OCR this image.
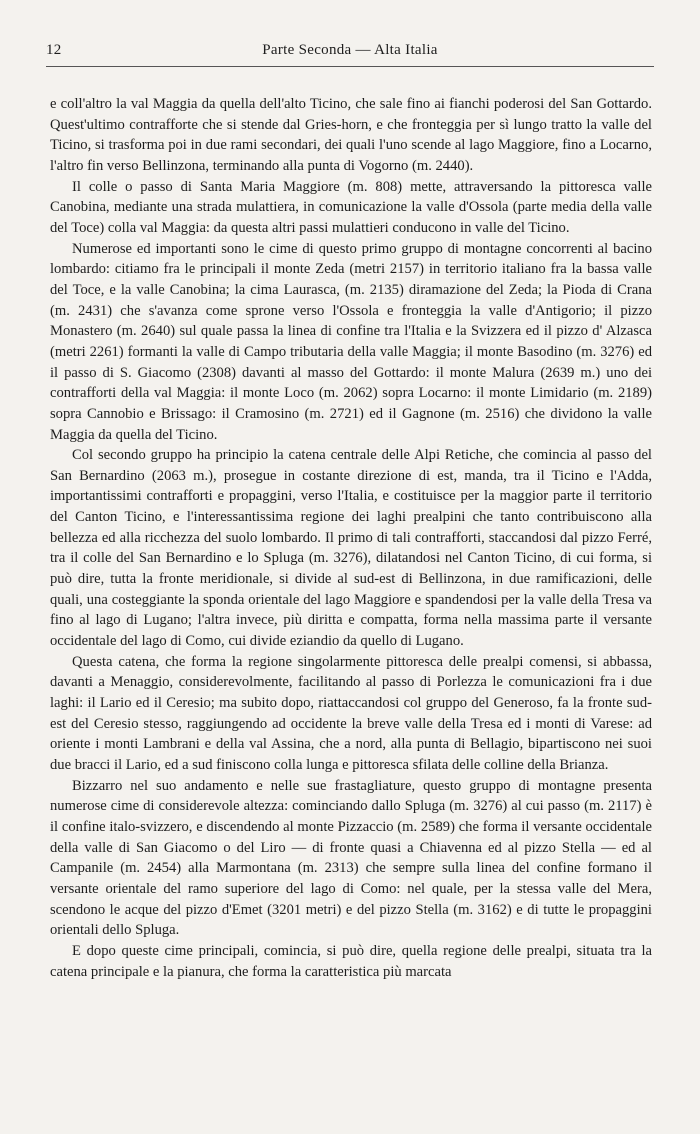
12	Parte Seconda — Alta Italia

e coll'altro la val Maggia da quella dell'alto Ticino, che sale fino ai fianchi poderosi del San Gottardo. Quest'ultimo contrafforte che si stende dal Gries-horn, e che fronteggia per sì lungo tratto la valle del Ticino, si trasforma poi in due rami secondari, dei quali l'uno scende al lago Maggiore, fino a Locarno, l'altro fin verso Bellinzona, terminando alla punta di Vogorno (m. 2440).

Il colle o passo di Santa Maria Maggiore (m. 808) mette, attraversando la pittoresca valle Canobina, mediante una strada mulattiera, in comunicazione la valle d'Ossola (parte media della valle del Toce) colla val Maggia: da questa altri passi mulattieri conducono in valle del Ticino.

Numerose ed importanti sono le cime di questo primo gruppo di montagne concorrenti al bacino lombardo: citiamo fra le principali il monte Zeda (metri 2157) in territorio italiano fra la bassa valle del Toce, e la valle Canobina; la cima Laurasca, (m. 2135) diramazione del Zeda; la Pioda di Crana (m. 2431) che s'avanza come sprone verso l'Ossola e fronteggia la valle d'Antigorio; il pizzo Monastero (m. 2640) sul quale passa la linea di confine tra l'Italia e la Svizzera ed il pizzo d' Alzasca (metri 2261) formanti la valle di Campo tributaria della valle Maggia; il monte Basodino (m. 3276) ed il passo di S. Giacomo (2308) davanti al masso del Gottardo: il monte Malura (2639 m.) uno dei contrafforti della val Maggia: il monte Loco (m. 2062) sopra Locarno: il monte Limidario (m. 2189) sopra Cannobio e Brissago: il Cramosino (m. 2721) ed il Gagnone (m. 2516) che dividono la valle Maggia da quella del Ticino.

Col secondo gruppo ha principio la catena centrale delle Alpi Retiche, che comincia al passo del San Bernardino (2063 m.), prosegue in costante direzione di est, manda, tra il Ticino e l'Adda, importantissimi contrafforti e propaggini, verso l'Italia, e costituisce per la maggior parte il territorio del Canton Ticino, e l'interessantissima regione dei laghi prealpini che tanto contribuiscono alla bellezza ed alla ricchezza del suolo lombardo. Il primo di tali contrafforti, staccandosi dal pizzo Ferré, tra il colle del San Bernardino e lo Spluga (m. 3276), dilatandosi nel Canton Ticino, di cui forma, si può dire, tutta la fronte meridionale, si divide al sud-est di Bellinzona, in due ramificazioni, delle quali, una costeggiante la sponda orientale del lago Maggiore e spandendosi per la valle della Tresa va fino al lago di Lugano; l'altra invece, più diritta e compatta, forma nella massima parte il versante occidentale del lago di Como, cui divide eziandio da quello di Lugano.

Questa catena, che forma la regione singolarmente pittoresca delle prealpi comensi, si abbassa, davanti a Menaggio, considerevolmente, facilitando al passo di Porlezza le comunicazioni fra i due laghi: il Lario ed il Ceresio; ma subito dopo, riattaccandosi col gruppo del Generoso, fa la fronte sud-est del Ceresio stesso, raggiungendo ad occidente la breve valle della Tresa ed i monti di Varese: ad oriente i monti Lambrani e della val Assina, che a nord, alla punta di Bellagio, bipartiscono nei suoi due bracci il Lario, ed a sud finiscono colla lunga e pittoresca sfilata delle colline della Brianza.

Bizzarro nel suo andamento e nelle sue frastagliature, questo gruppo di montagne presenta numerose cime di considerevole altezza: cominciando dallo Spluga (m. 3276) al cui passo (m. 2117) è il confine italo-svizzero, e discendendo al monte Pizzaccio (m. 2589) che forma il versante occidentale della valle di San Giacomo o del Liro — di fronte quasi a Chiavenna ed al pizzo Stella — ed al Campanile (m. 2454) alla Marmontana (m. 2313) che sempre sulla linea del confine formano il versante orientale del ramo superiore del lago di Como: nel quale, per la stessa valle del Mera, scendono le acque del pizzo d'Emet (3201 metri) e del pizzo Stella (m. 3162) e di tutte le propaggini orientali dello Spluga.

E dopo queste cime principali, comincia, si può dire, quella regione delle prealpi, situata tra la catena principale e la pianura, che forma la caratteristica più marcata
